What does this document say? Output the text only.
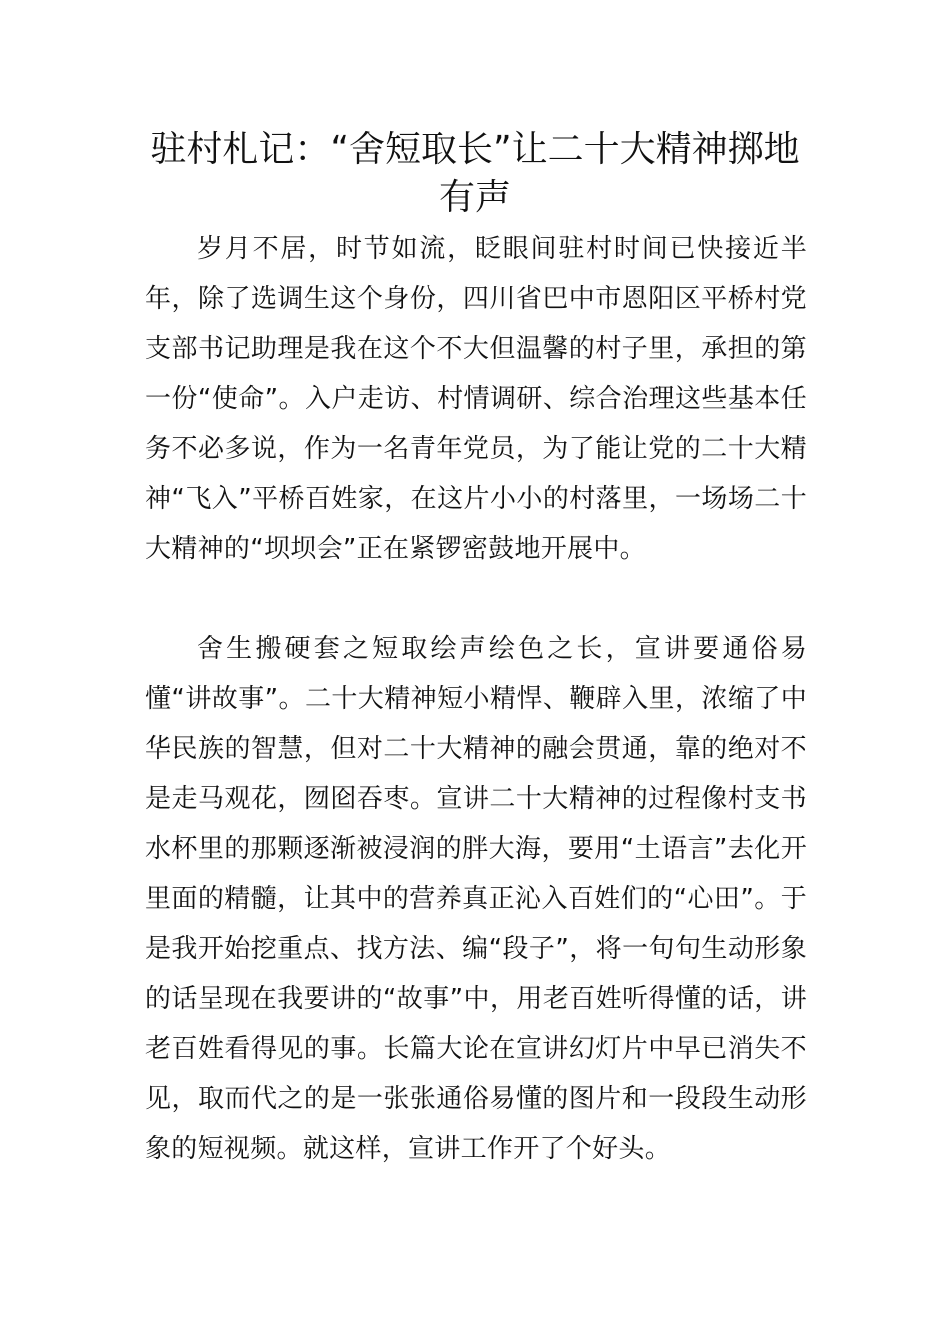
驻村札记：“舍短取长”让二十大精神掷地有声

岁月不居，时节如流，眨眼间驻村时间已快接近半年，除了选调生这个身份，四川省巴中市恩阳区平桥村党支部书记助理是我在这个不大但温馨的村子里，承担的第一份“使命”。入户走访、村情调研、综合治理这些基本任务不必多说，作为一名青年党员，为了能让党的二十大精神“飞入”平桥百姓家，在这片小小的村落里，一场场二十大精神的“坝坝会”正在紧锣密鼓地开展中。

舍生搬硬套之短取绘声绘色之长，宣讲要通俗易懂“讲故事”。二十大精神短小精悍、鞭辟入里，浓缩了中华民族的智慧，但对二十大精神的融会贯通，靠的绝对不是走马观花，囫囵吞枣。宣讲二十大精神的过程像村支书水杯里的那颗逐渐被浸润的胖大海，要用“土语言”去化开里面的精髓，让其中的营养真正沁入百姓们的“心田”。于是我开始挖重点、找方法、编“段子”，将一句句生动形象的话呈现在我要讲的“故事”中，用老百姓听得懂的话，讲老百姓看得见的事。长篇大论在宣讲幻灯片中早已消失不见，取而代之的是一张张通俗易懂的图片和一段段生动形象的短视频。就这样，宣讲工作开了个好头。
